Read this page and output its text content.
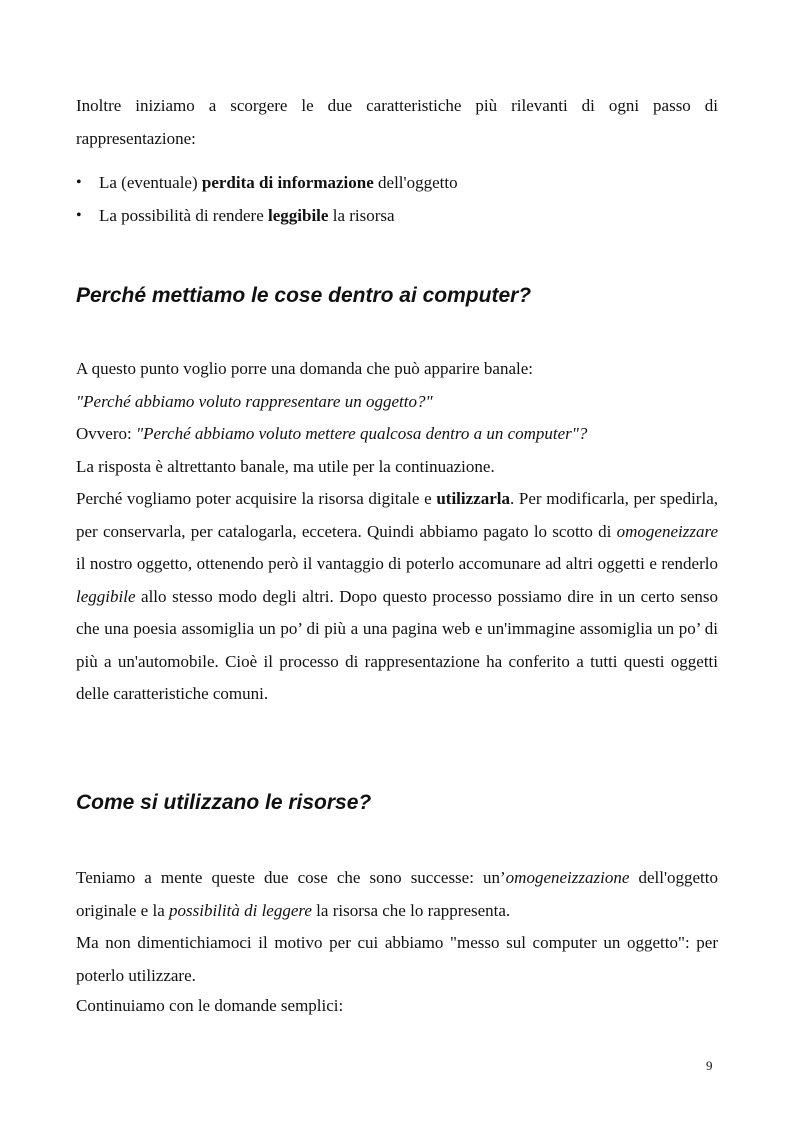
Inoltre iniziamo a scorgere le due caratteristiche più rilevanti di ogni passo di rappresentazione:

• La (eventuale) perdita di informazione dell'oggetto
• La possibilità di rendere leggibile la risorsa
Perché mettiamo le cose dentro ai computer?
A questo punto voglio porre una domanda che può apparire banale:
"Perché abbiamo voluto rappresentare un oggetto?"
Ovvero: "Perché abbiamo voluto mettere qualcosa dentro a un computer"?
La risposta è altrettanto banale, ma utile per la continuazione.

Perché vogliamo poter acquisire la risorsa digitale e utilizzarla. Per modificarla, per spedirla, per conservarla, per catalogarla, eccetera. Quindi abbiamo pagato lo scotto di omogeneizzare il nostro oggetto, ottenendo però il vantaggio di poterlo accomunare ad altri oggetti e renderlo leggibile allo stesso modo degli altri. Dopo questo processo possiamo dire in un certo senso che una poesia assomiglia un po’ di più a una pagina web e un'immagine assomiglia un po’ di più a un'automobile. Cioè il processo di rappresentazione ha conferito a tutti questi oggetti delle caratteristiche comuni.

Come si utilizzano le risorse?

Teniamo a mente queste due cose che sono successe: un’omogeneizzazione dell'oggetto originale e la possibilità di leggere la risorsa che lo rappresenta.

Ma non dimentichiamoci il motivo per cui abbiamo "messo sul computer un oggetto": per poterlo utilizzare.

Continuiamo con le domande semplici:

9
